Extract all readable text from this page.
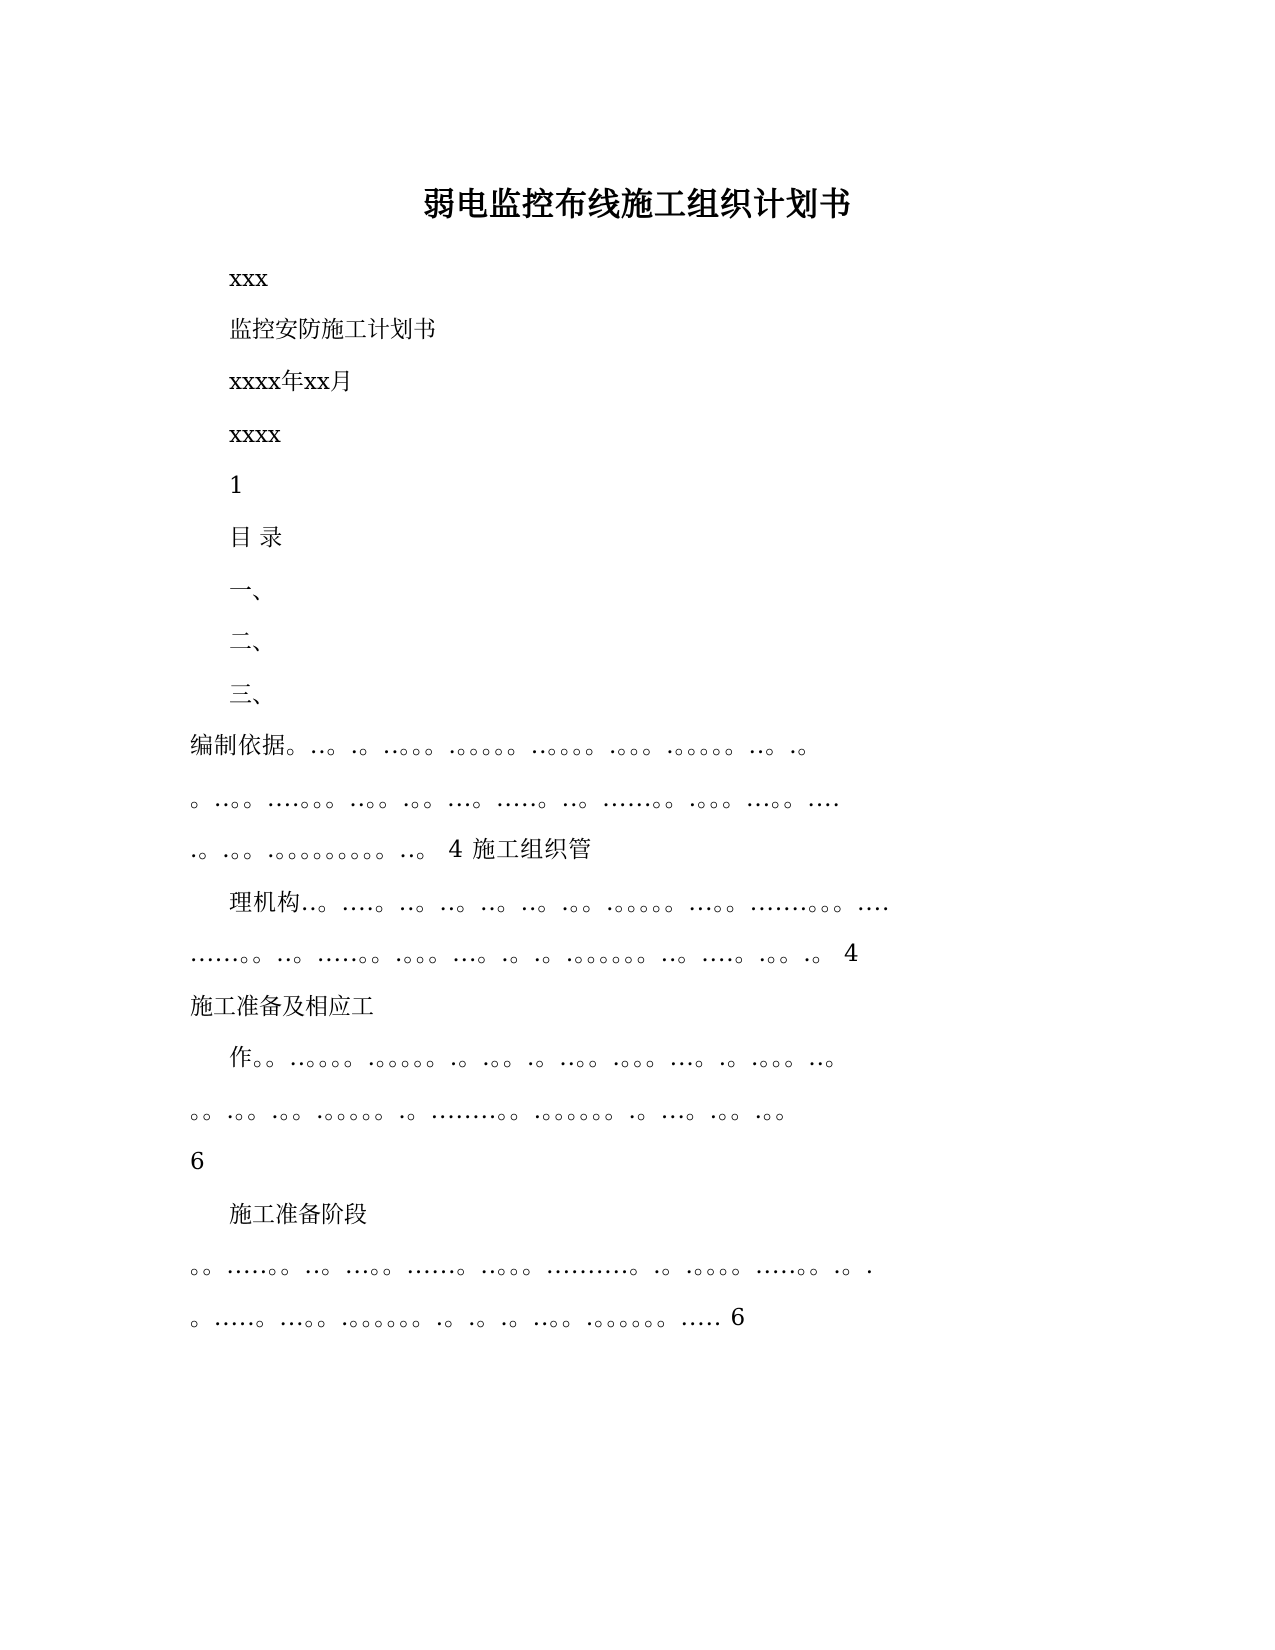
弱电监控布线施工组织计划书
xxx
监控安防施工计划书
xxxx年xx月
xxxx
1
目 录
一、
二、
三、
编制依据。..。.。..。。。.。。。。。..。。。。.。。。.。。。。。..。.。
。..。。....。。。..。。.。。...。.....。..。......。。.。。。...。。....
.。.。。.。。。。。。。。。..。 4 施工组织管
理机构..。....。..。..。..。..。.。。.。。。。。...。。.......。。。....
......。。..。.....。。.。。。...。.。.。.。。。。。。..。....。.。。.。 4
施工准备及相应工
作。。..。。。。.。。。。。.。.。。.。..。。.。。。...。.。.。。。..。
。。.。。.。。.。。。。。.。........。。.。。。。。。.。...。.。。.。。
6
施工准备阶段
。。.....。。..。...。。......。..。。。..........。.。.。。。。.....。。.。.
。.....。...。。.。。。。。。.。.。.。..。。.。。。。。。..... 6
